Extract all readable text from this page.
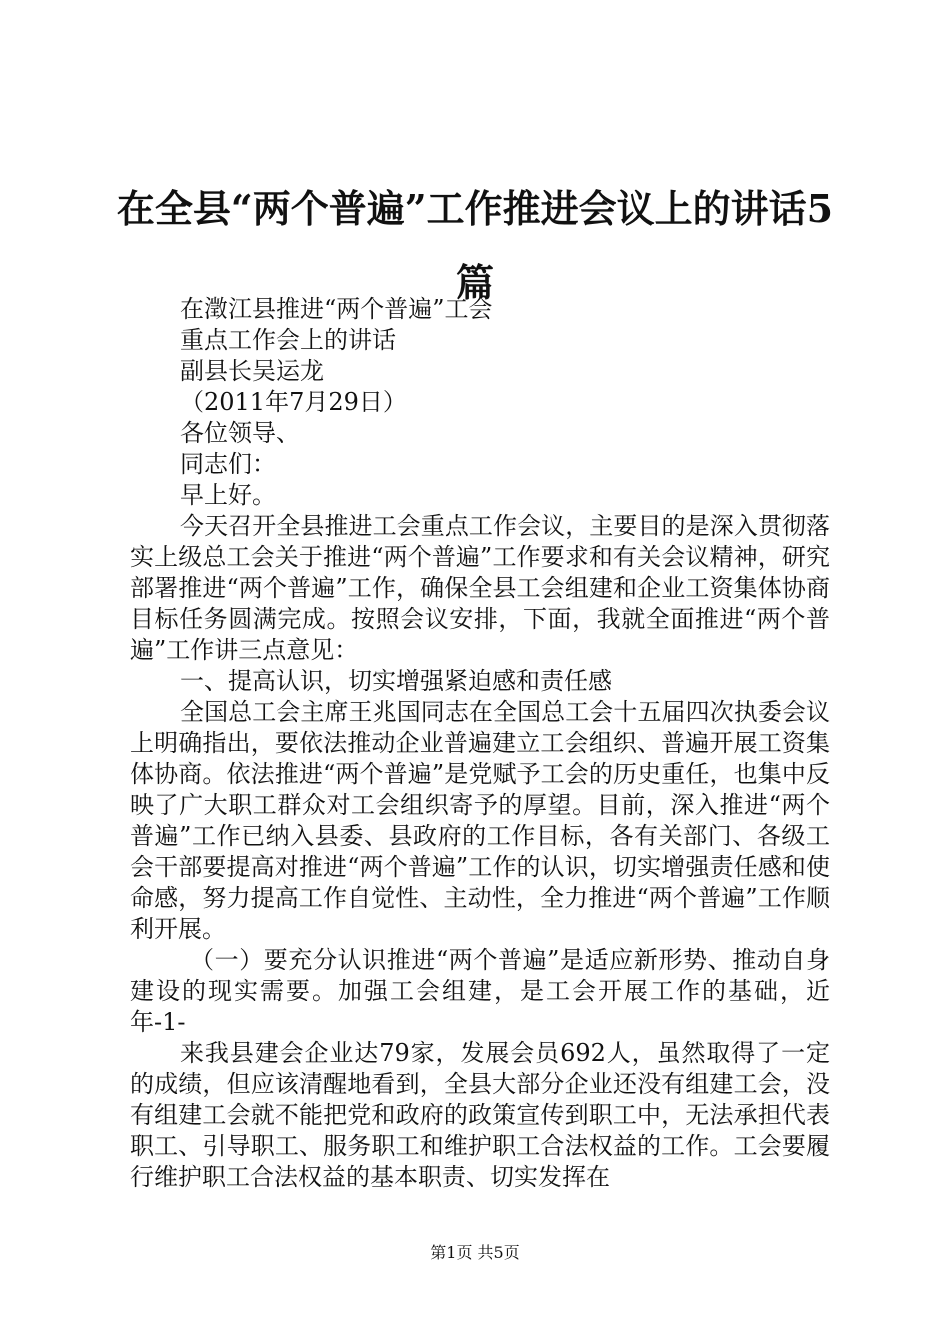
在全县“两个普遍”工作推进会议上的讲话5篇

在澂江县推进“两个普遍”工会

重点工作会上的讲话

副县长吴运龙

（2011年7月29日）

各位领导、

同志们：

早上好。

今天召开全县推进工会重点工作会议，主要目的是深入贯彻落实上级总工会关于推进“两个普遍”工作要求和有关会议精神，研究部署推进“两个普遍”工作，确保全县工会组建和企业工资集体协商目标任务圆满完成。按照会议安排，下面，我就全面推进“两个普遍”工作讲三点意见：

一、提高认识，切实增强紧迫感和责任感

全国总工会主席王兆国同志在全国总工会十五届四次执委会议上明确指出，要依法推动企业普遍建立工会组织、普遍开展工资集体协商。依法推进“两个普遍”是党赋予工会的历史重任，也集中反映了广大职工群众对工会组织寄予的厚望。目前，深入推进“两个普遍”工作已纳入县委、县政府的工作目标，各有关部门、各级工会干部要提高对推进“两个普遍”工作的认识，切实增强责任感和使命感，努力提高工作自觉性、主动性，全力推进“两个普遍”工作顺利开展。

（一）要充分认识推进“两个普遍”是适应新形势、推动自身建设的现实需要。加强工会组建，是工会开展工作的基础，近年-1-

来我县建会企业达79家，发展会员692人，虽然取得了一定的成绩，但应该清醒地看到，全县大部分企业还没有组建工会，没有组建工会就不能把党和政府的政策宣传到职工中，无法承担代表职工、引导职工、服务职工和维护职工合法权益的工作。工会要履行维护职工合法权益的基本职责、切实发挥在

第1页 共5页
